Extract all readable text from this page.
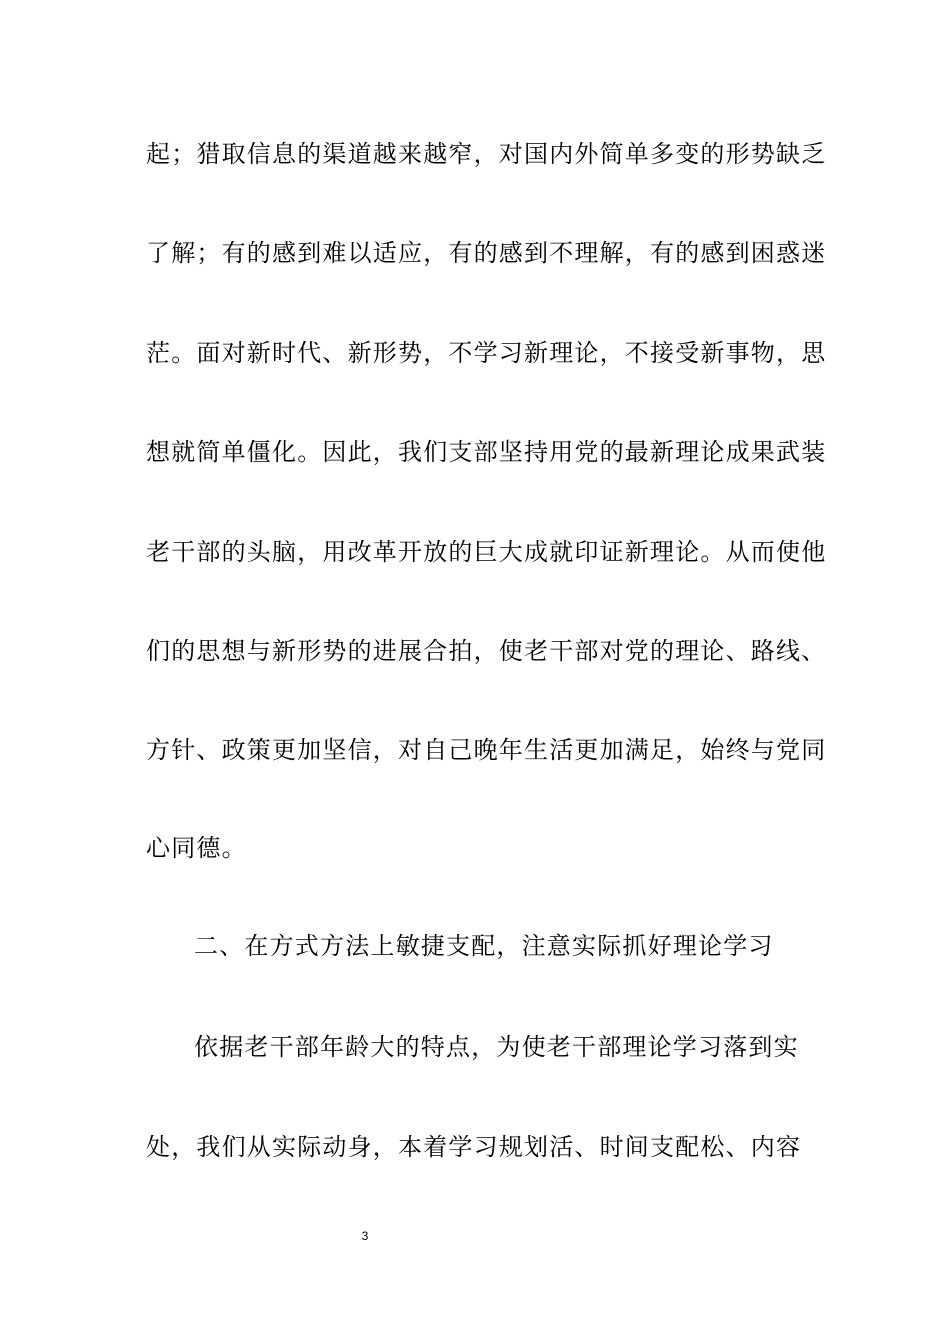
起；猎取信息的渠道越来越窄，对国内外简单多变的形势缺乏
了解；有的感到难以适应，有的感到不理解，有的感到困惑迷
茫。面对新时代、新形势，不学习新理论，不接受新事物，思
想就简单僵化。因此，我们支部坚持用党的最新理论成果武装
老干部的头脑，用改革开放的巨大成就印证新理论。从而使他
们的思想与新形势的进展合拍，使老干部对党的理论、路线、
方针、政策更加坚信，对自己晚年生活更加满足，始终与党同
心同德。
二、在方式方法上敏捷支配，注意实际抓好理论学习
依据老干部年龄大的特点，为使老干部理论学习落到实
处，我们从实际动身，本着学习规划活、时间支配松、内容
3
